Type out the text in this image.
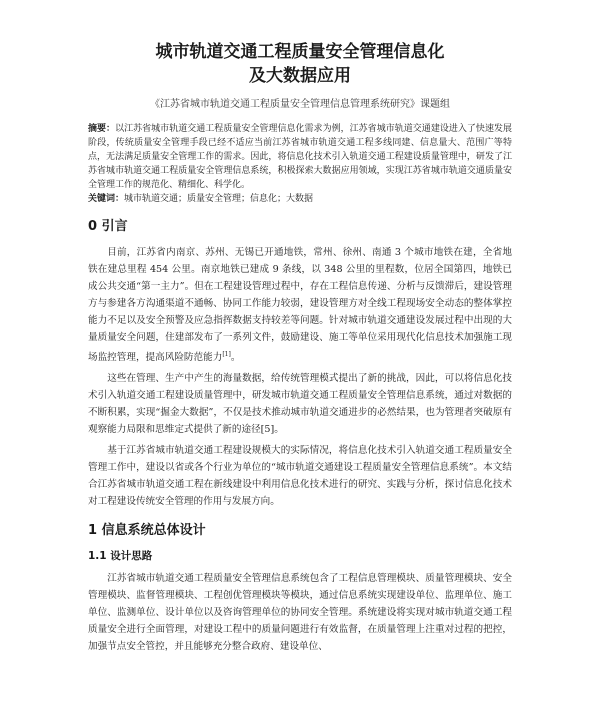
城市轨道交通工程质量安全管理信息化
及大数据应用

《江苏省城市轨道交通工程质量安全管理信息管理系统研究》课题组

摘要：以江苏省城市轨道交通工程质量安全管理信息化需求为例，江苏省城市轨道交通建设进入了快速发展阶段，传统质量安全管理手段已经不适应当前江苏省城市轨道交通工程多线同建、信息量大、范围广等特点，无法满足质量安全管理工作的需求。因此，将信息化技术引入轨道交通工程建设质量管理中，研发了江苏省城市轨道交通工程质量安全管理信息系统，积极探索大数据应用领域，实现江苏省城市轨道交通质量安全管理工作的规范化、精细化、科学化。

关键词：城市轨道交通；质量安全管理；信息化；大数据

0 引言

目前，江苏省内南京、苏州、无锡已开通地铁，常州、徐州、南通 3 个城市地铁在建，全省地铁在建总里程 454 公里。南京地铁已建成 9 条线，以 348 公里的里程数，位居全国第四，地铁已成公共交通“第一主力”。但在工程建设管理过程中，存在工程信息传递、分析与反馈滞后，建设管理方与参建各方沟通渠道不通畅、协同工作能力较弱，建设管理方对全线工程现场安全动态的整体掌控能力不足以及安全预警及应急指挥数据支持较差等问题。针对城市轨道交通建设发展过程中出现的大量质量安全问题，住建部发布了一系列文件，鼓励建设、施工等单位采用现代化信息技术加强施工现场监控管理，提高风险防范能力[1]。

这些在管理、生产中产生的海量数据，给传统管理模式提出了新的挑战，因此，可以将信息化技术引入轨道交通工程建设质量管理中，研发城市轨道交通工程质量安全管理信息系统，通过对数据的不断积累，实现“掘金大数据”，不仅是技术推动城市轨道交通进步的必然结果，也为管理者突破原有观察能力局限和思维定式提供了新的途径[5]。

基于江苏省城市轨道交通工程建设规模大的实际情况，将信息化技术引入轨道交通工程质量安全管理工作中，建设以省或各个行业为单位的“城市轨道交通建设工程质量安全管理信息系统”。本文结合江苏省城市轨道交通工程在新线建设中利用信息化技术进行的研究、实践与分析，探讨信息化技术对工程建设传统安全管理的作用与发展方向。

1 信息系统总体设计
1.1 设计思路

江苏省城市轨道交通工程质量安全管理信息系统包含了工程信息管理模块、质量管理模块、安全管理模块、监督管理模块、工程创优管理模块等模块，通过信息系统实现建设单位、监理单位、施工单位、监测单位、设计单位以及咨询管理单位的协同安全管理。系统建设将实现对城市轨道交通工程质量安全进行全面管理，对建设工程中的质量问题进行有效监督，在质量管理上注重对过程的把控，加强节点安全管控，并且能够充分整合政府、建设单位、
